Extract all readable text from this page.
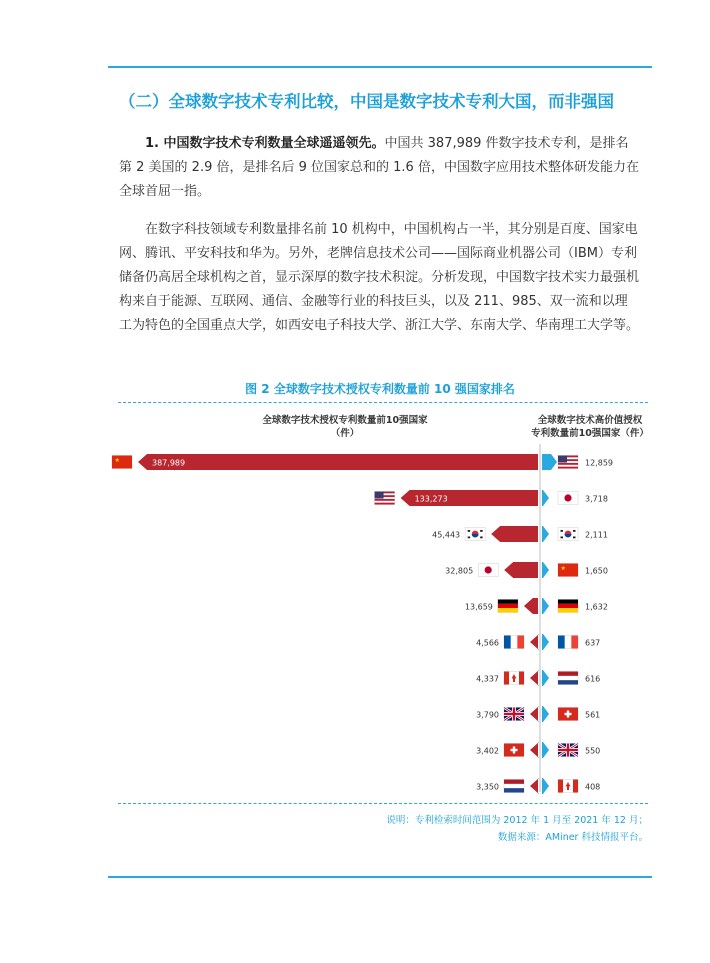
（二）全球数字技术专利比较，中国是数字技术专利大国，而非强国

1. 中国数字技术专利数量全球遥遥领先。中国共 387,989 件数字技术专利，是排名第 2 美国的 2.9 倍，是排名后 9 位国家总和的 1.6 倍，中国数字应用技术整体研发能力在全球首屈一指。

在数字科技领域专利数量排名前 10 机构中，中国机构占一半，其分别是百度、国家电网、腾讯、平安科技和华为。另外，老牌信息技术公司——国际商业机器公司（IBM）专利储备仍高居全球机构之首，显示深厚的数字技术积淀。分析发现，中国数字技术实力最强机构来自于能源、互联网、通信、金融等行业的科技巨头，以及 211、985、双一流和以理工为特色的全国重点大学，如西安电子科技大学、浙江大学、东南大学、华南理工大学等。

图 2 全球数字技术授权专利数量前 10 强国家排名

全球数字技术授权专利数量前10强国家
（件）
全球数字技术高价值授权
专利数量前10强国家（件）
387,989
★
133,273
45,443
32,805
13,659
4,566
4,337
3,790
3,402
3,350
12,859
3,718
2,111
★ 1,650
1,632
637
616
561
550
408

说明：专利检索时间范围为 2012 年 1 月至 2021 年 12 月；

数据来源：AMiner 科技情报平台。
